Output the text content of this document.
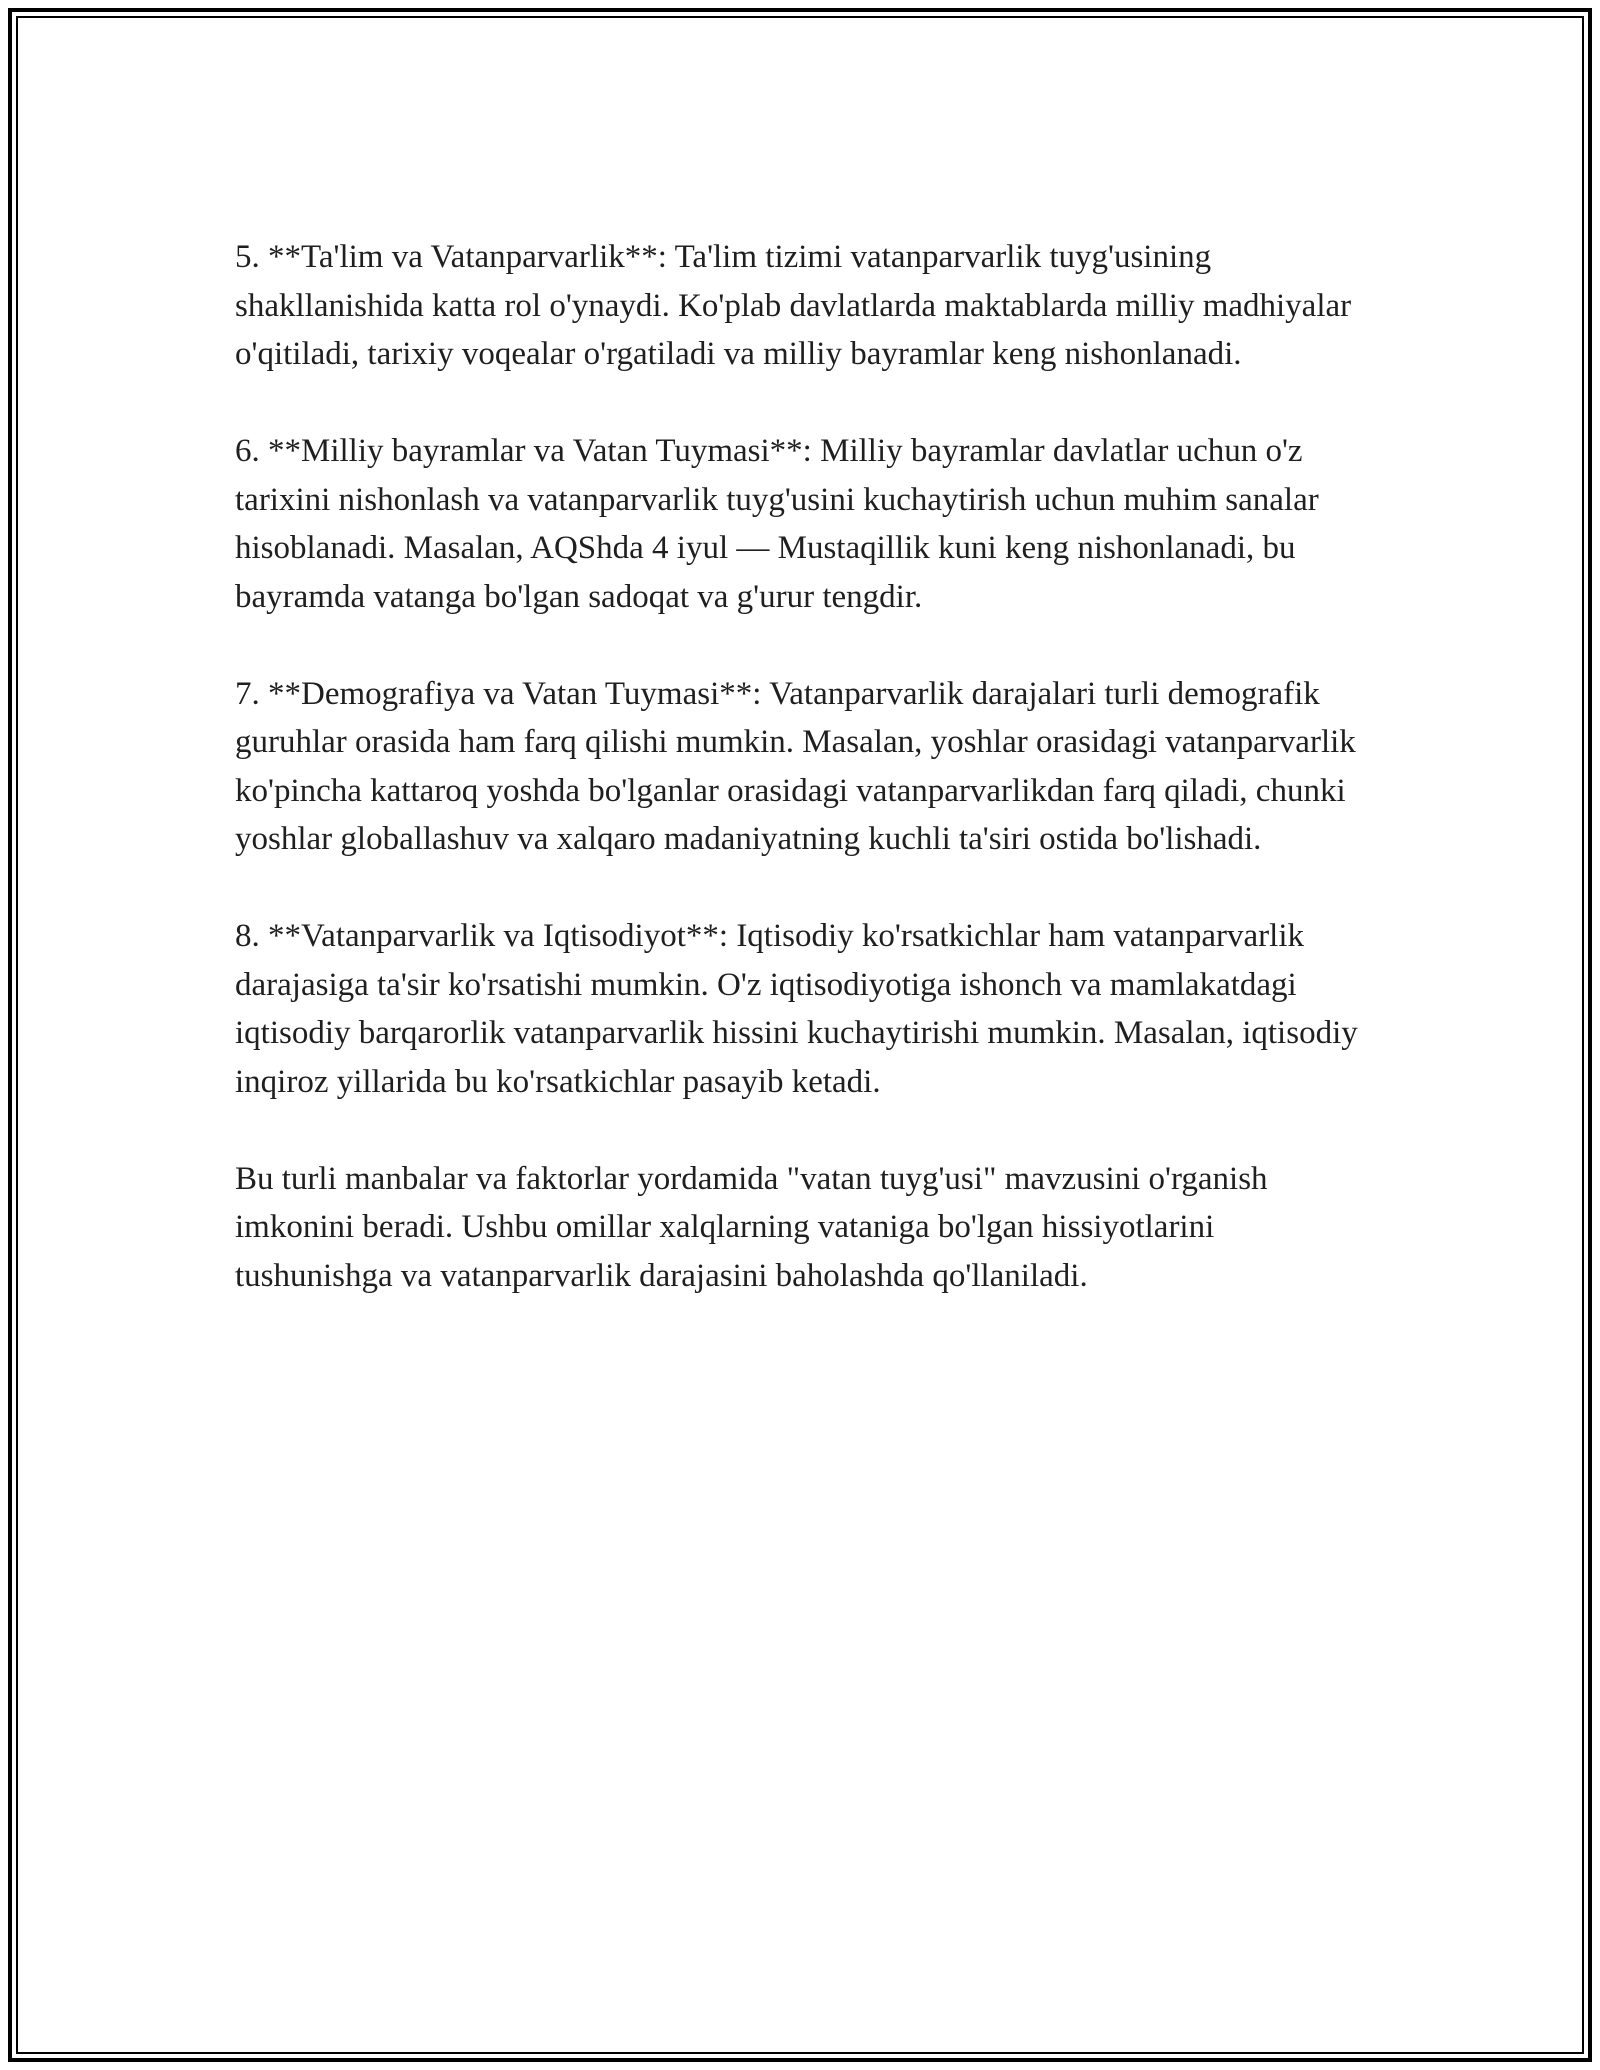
5. **Ta'lim va Vatanparvarlik**: Ta'lim tizimi vatanparvarlik tuyg'usining shakllanishida katta rol o'ynaydi. Ko'plab davlatlarda maktablarda milliy madhiyalar o'qitiladi, tarixiy voqealar o'rgatiladi va milliy bayramlar keng nishonlanadi.

6. **Milliy bayramlar va Vatan Tuymasi**: Milliy bayramlar davlatlar uchun o'z tarixini nishonlash va vatanparvarlik tuyg'usini kuchaytirish uchun muhim sanalar hisoblanadi. Masalan, AQShda 4 iyul — Mustaqillik kuni keng nishonlanadi, bu bayramda vatanga bo'lgan sadoqat va g'urur tengdir.

7. **Demografiya va Vatan Tuymasi**: Vatanparvarlik darajalari turli demografik guruhlar orasida ham farq qilishi mumkin. Masalan, yoshlar orasidagi vatanparvarlik ko'pincha kattaroq yoshda bo'lganlar orasidagi vatanparvarlikdan farq qiladi, chunki yoshlar globallashuv va xalqaro madaniyatning kuchli ta'siri ostida bo'lishadi.

8. **Vatanparvarlik va Iqtisodiyot**: Iqtisodiy ko'rsatkichlar ham vatanparvarlik darajasiga ta'sir ko'rsatishi mumkin. O'z iqtisodiyotiga ishonch va mamlakatdagi iqtisodiy barqarorlik vatanparvarlik hissini kuchaytirishi mumkin. Masalan, iqtisodiy inqiroz yillarida bu ko'rsatkichlar pasayib ketadi.

Bu turli manbalar va faktorlar yordamida "vatan tuyg'usi" mavzusini o'rganish imkonini beradi. Ushbu omillar xalqlarning vataniga bo'lgan hissiyotlarini tushunishga va vatanparvarlik darajasini baholashda qo'llaniladi.
